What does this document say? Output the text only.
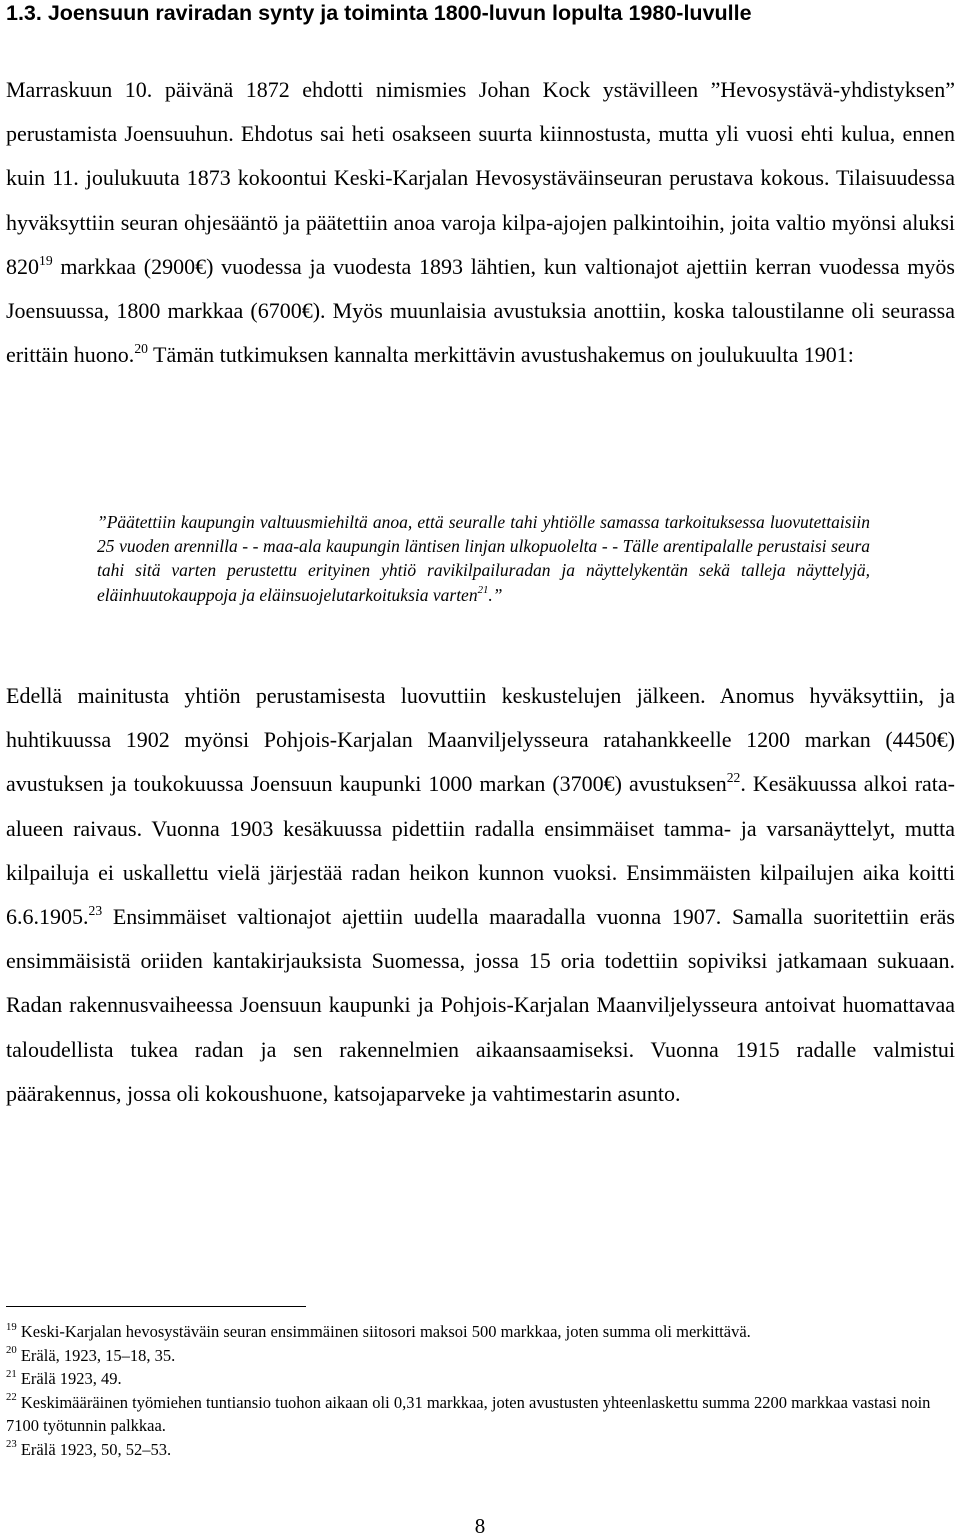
1.3. Joensuun raviradan synty ja toiminta 1800-luvun lopulta 1980-luvulle

Marraskuun 10. päivänä 1872 ehdotti nimismies Johan Kock ystävilleen ”Hevosystävä-yhdistyksen” perustamista Joensuuhun. Ehdotus sai heti osakseen suurta kiinnostusta, mutta yli vuosi ehti kulua, ennen kuin 11. joulukuuta 1873 kokoontui Keski-Karjalan Hevosystäväinseuran perustava kokous. Tilaisuudessa hyväksyttiin seuran ohjesääntö ja päätettiin anoa varoja kilpa-ajojen palkintoihin, joita valtio myönsi aluksi $820^{19}$ markkaa (2900€) vuodessa ja vuodesta 1893 lähtien, kun valtionajot ajettiin kerran vuodessa myös Joensuussa, 1800 markkaa (6700€). Myös muunlaisia avustuksia anottiin, koska taloustilanne oli seurassa erittäin huono.$^{20}$ Tämän tutkimuksen kannalta merkittävin avustushakemus on joulukuulta 1901:

”Päätettiin kaupungin valtuusmiehiltä anoa, että seuralle tahi yhtiölle samassa tarkoituksessa luovutettaisiin 25 vuoden arennilla - - maa-ala kaupungin läntisen linjan ulkopuolelta - - Tälle arentipalalle perustaisi seura tahi sitä varten perustettu erityinen yhtiö ravikilpailuradan ja näyttelykentän sekä talleja näyttelyjä, eläinhuutokauppoja ja eläinsuojelutarkoituksia varten$^{21}$.”

Edellä mainitusta yhtiön perustamisesta luovuttiin keskustelujen jälkeen. Anomus hyväksyttiin, ja huhtikuussa 1902 myönsi Pohjois-Karjalan Maanviljelysseura ratahankkeelle 1200 markan (4450€) avustuksen ja toukokuussa Joensuun kaupunki 1000 markan (3700€) avustuksen$^{22}$. Kesäkuussa alkoi rata-alueen raivaus. Vuonna 1903 kesäkuussa pidettiin radalla ensimmäiset tamma- ja varsanäyttelyt, mutta kilpailuja ei uskallettu vielä järjestää radan heikon kunnon vuoksi. Ensimmäisten kilpailujen aika koitti 6.6.1905.23 Ensimmäiset valtionajot ajettiin uudella maaradalla vuonna 1907. Samalla suoritettiin eräs ensimmäisistä oriiden kantakirjauksista Suomessa, jossa 15 oria todettiin sopiviksi jatkamaan sukuaan. Radan rakennusvaiheessa Joensuun kaupunki ja Pohjois-Karjalan Maanviljelysseura antoivat huomattavaa taloudellista tukea radan ja sen rakennelmien aikaansaamiseksi. Vuonna 1915 radalle valmistui päärakennus, jossa oli kokoushuone, katsojaparveke ja vahtimestarin asunto.

$^{19}$ Keski-Karjalan hevosystäväin seuran ensimmäinen siitosori maksoi 500 markkaa, joten summa oli merkittävä.
$^{20}$ Erälä, 1923, 15–18, 35.
$^{21}$ Erälä 1923, 49.
$^{22}$ Keskimääräinen työmiehen tuntiansio tuohon aikaan oli 0,31 markkaa, joten avustusten yhteenlaskettu summa 2200 markkaa vastasi noin 7100 työtunnin palkkaa.
$^{23}$ Erälä 1923, 50, 52–53.
8
